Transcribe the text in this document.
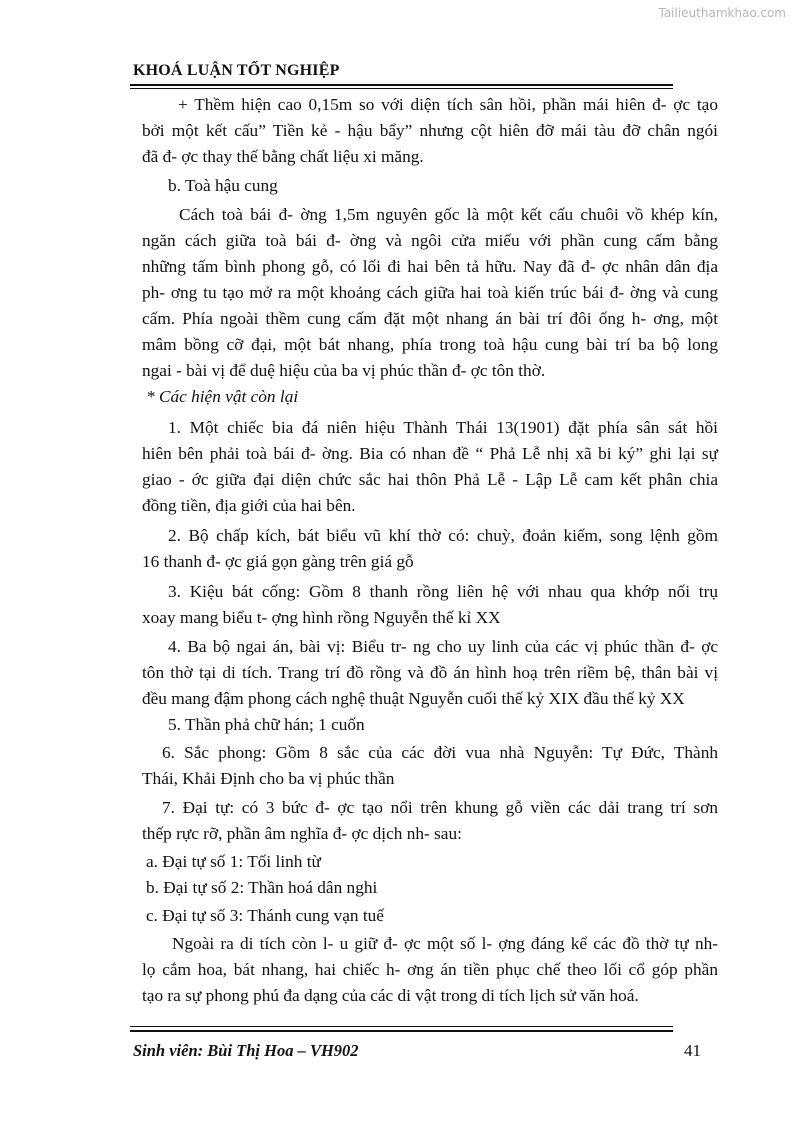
Tailieuthamkhao.com
KHOÁ LUẬN TỐT NGHIỆP
+ Thềm hiện cao 0,15m so với diện tích sân hồi, phần mái hiên đ- ợc tạo
bởi một kết cấu” Tiền kẻ - hậu bẩy” nhưng cột hiên đỡ mái tàu đỡ chân ngói
đã đ- ợc thay thế bằng chất liệu xi măng.
b. Toà hậu cung
Cách toà bái đ- ờng 1,5m nguyên gốc là một kết cấu chuôi vồ khép kín,
ngăn cách giữa toà bái đ- ờng và ngôi cửa miếu với phần cung cấm bằng
những tấm bình phong gỗ, có lối đi hai bên tả hữu. Nay đã đ- ợc nhân dân địa
ph- ơng tu tạo mở ra một khoảng cách giữa hai toà kiến trúc bái đ- ờng và cung
cấm. Phía ngoài thềm cung cấm đặt một nhang án bài trí đôi ống h- ơng, một
mâm bồng cỡ đại, một bát nhang, phía trong toà hậu cung bài trí ba bộ long
ngai - bài vị để duệ hiệu của ba vị phúc thần đ- ợc tôn thờ.
* Các hiện vật còn lại
1. Một chiếc bia đá niên hiệu Thành Thái 13(1901) đặt phía sân sát hồi
hiên bên phải toà bái đ- ờng. Bia có nhan đề “ Phả Lễ nhị xã bi ký” ghi lại sự
giao - ớc giữa đại diện chức sắc hai thôn Phả Lễ - Lập Lễ cam kết phân chia
đồng tiền, địa giới của hai bên.
2. Bộ chấp kích, bát biểu vũ khí thờ có: chuỳ, đoản kiếm, song lệnh gồm
16 thanh đ- ợc giá gọn gàng trên giá gỗ
3. Kiệu bát cống: Gồm 8 thanh rồng liên hệ với nhau qua khớp nối trụ
xoay mang biểu t- ợng hình rồng Nguyễn thế kỉ XX
4. Ba bộ ngai án, bài vị: Biểu tr- ng cho uy linh của các vị phúc thần đ- ợc
tôn thờ tại di tích. Trang trí đồ rồng và đồ án hình hoạ trên riềm bệ, thân bài vị
đều mang đậm phong cách nghệ thuật Nguyễn cuối thế kỷ XIX đầu thế kỷ XX
5. Thần phả chữ hán; 1 cuốn
6. Sắc phong: Gồm 8 sắc của các đời vua nhà Nguyễn: Tự Đức, Thành
Thái, Khải Định cho ba vị phúc thần
7. Đại tự: có 3 bức đ- ợc tạo nổi trên khung gỗ viền các dải trang trí sơn
thếp rực rỡ, phần âm nghĩa đ- ợc dịch nh- sau:
a. Đại tự số 1: Tối linh từ
b. Đại tự số 2: Thần hoá dân nghi
c. Đại tự số 3: Thánh cung vạn tuế
Ngoài ra di tích còn l- u giữ đ- ợc một số l- ợng đáng kể các đồ thờ tự nh-
lọ cắm hoa, bát nhang, hai chiếc h- ơng án tiền phục chế theo lối cổ góp phần
tạo ra sự phong phú đa dạng của các di vật trong di tích lịch sử văn hoá.
Sinh viên: Bùi Thị Hoa – VH902	41
